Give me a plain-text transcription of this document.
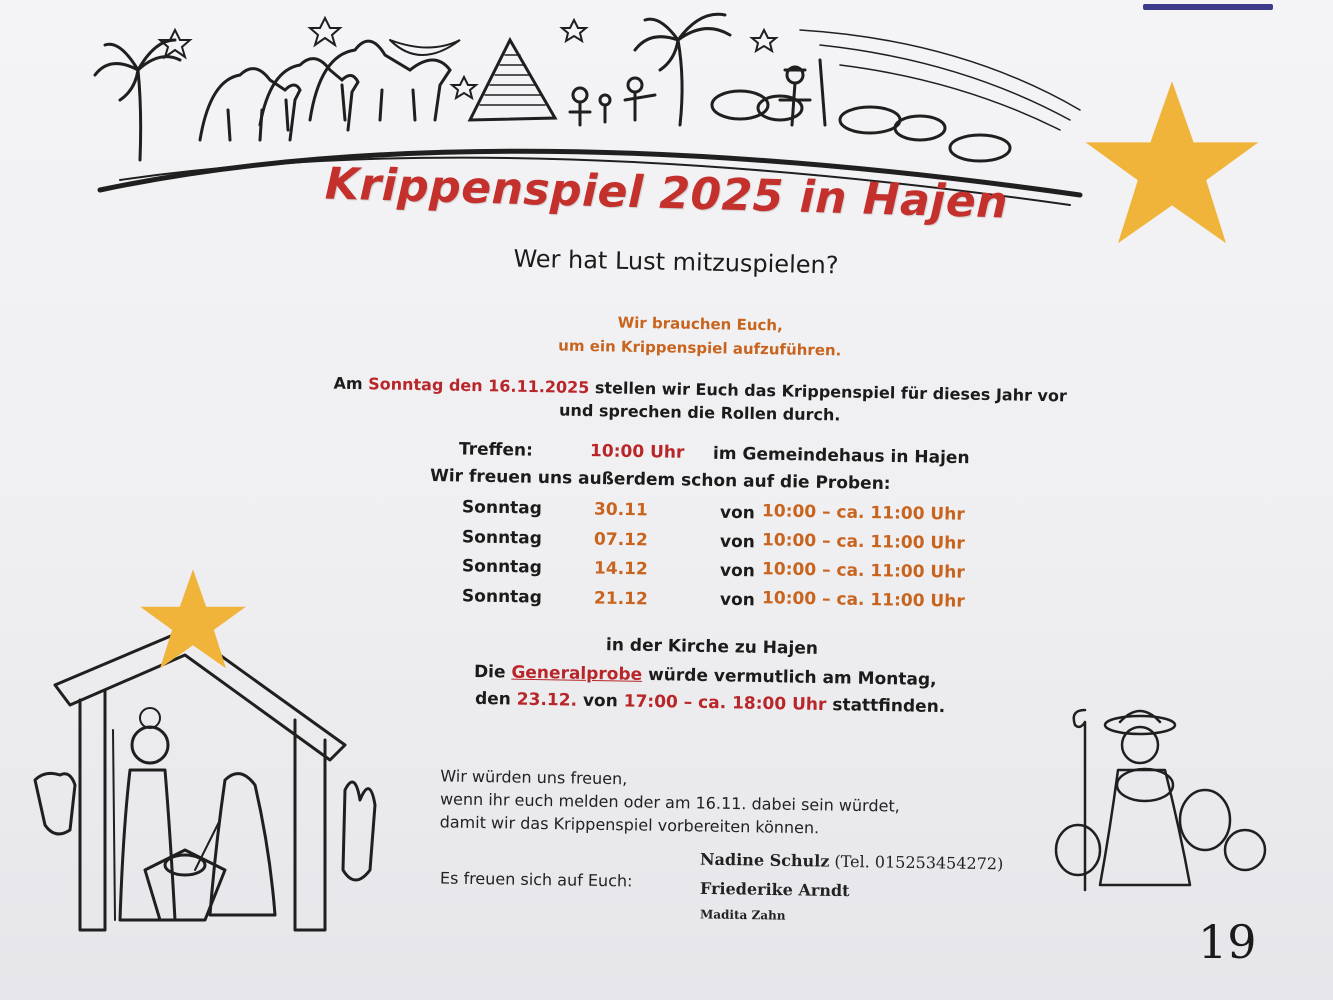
Krippenspiel 2025 in Hajen
Wer hat Lust mitzuspielen?
Wir brauchen Euch,
um ein Krippenspiel aufzuführen.
Am Sonntag den 16.11.2025 stellen wir Euch das Krippenspiel für dieses Jahr vor
und sprechen die Rollen durch.
Treffen:	10:00 Uhr im Gemeindehaus in Hajen
Wir freuen uns außerdem schon auf die Proben:
Sonntag	30.11	von 10:00 – ca. 11:00 Uhr
Sonntag	07.12	von 10:00 – ca. 11:00 Uhr
Sonntag	14.12	von 10:00 – ca. 11:00 Uhr
Sonntag	21.12	von 10:00 – ca. 11:00 Uhr
in der Kirche zu Hajen
Die Generalprobe würde vermutlich am Montag,
den 23.12. von 17:00 – ca. 18:00 Uhr stattfinden.
Wir würden uns freuen,
wenn ihr euch melden oder am 16.11. dabei sein würdet,
damit wir das Krippenspiel vorbereiten können.
Es freuen sich auf Euch:
Nadine Schulz (Tel. 015253454272)
Friederike Arndt
Madita Zahn	19
